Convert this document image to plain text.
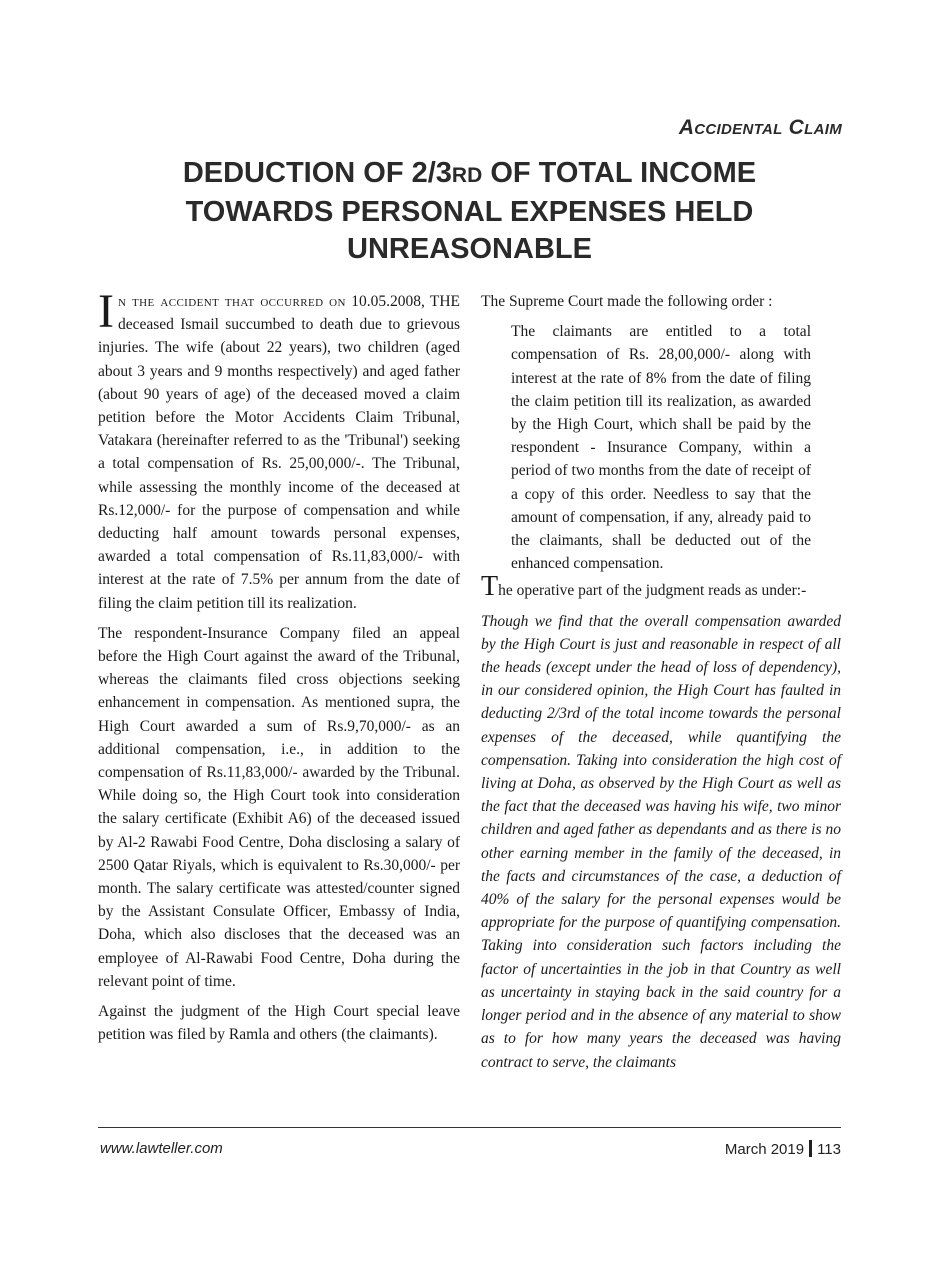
Accidental Claim
DEDUCTION OF 2/3RD OF TOTAL INCOME TOWARDS PERSONAL EXPENSES HELD UNREASONABLE

In the accident that occurred on 10.05.2008, THE deceased Ismail succumbed to death due to grievous injuries. The wife (about 22 years), two children (aged about 3 years and 9 months respectively) and aged father (about 90 years of age) of the deceased moved a claim petition before the Motor Accidents Claim Tribunal, Vatakara (hereinafter referred to as the 'Tribunal') seeking a total compensation of Rs. 25,00,000/-. The Tribunal, while assessing the monthly income of the deceased at Rs.12,000/- for the purpose of compensation and while deducting half amount towards personal expenses, awarded a total compensation of Rs.11,83,000/- with interest at the rate of 7.5% per annum from the date of filing the claim petition till its realization.

The respondent-Insurance Company filed an appeal before the High Court against the award of the Tribunal, whereas the claimants filed cross objections seeking enhancement in compensation. As mentioned supra, the High Court awarded a sum of Rs.9,70,000/- as an additional compensation, i.e., in addition to the compensation of Rs.11,83,000/- awarded by the Tribunal. While doing so, the High Court took into consideration the salary certificate (Exhibit A6) of the deceased issued by Al-2 Rawabi Food Centre, Doha disclosing a salary of 2500 Qatar Riyals, which is equivalent to Rs.30,000/- per month. The salary certificate was attested/counter signed by the Assistant Consulate Officer, Embassy of India, Doha, which also discloses that the deceased was an employee of Al-Rawabi Food Centre, Doha during the relevant point of time.

Against the judgment of the High Court special leave petition was filed by Ramla and others (the claimants).

The Supreme Court made the following order :

The claimants are entitled to a total compensation of Rs. 28,00,000/- along with interest at the rate of 8% from the date of filing the claim petition till its realization, as awarded by the High Court, which shall be paid by the respondent - Insurance Company, within a period of two months from the date of receipt of a copy of this order. Needless to say that the amount of compensation, if any, already paid to the claimants, shall be deducted out of the enhanced compensation.

The operative part of the judgment reads as under:-

Though we find that the overall compensation awarded by the High Court is just and reasonable in respect of all the heads (except under the head of loss of dependency), in our considered opinion, the High Court has faulted in deducting 2/3rd of the total income towards the personal expenses of the deceased, while quantifying the compensation. Taking into consideration the high cost of living at Doha, as observed by the High Court as well as the fact that the deceased was having his wife, two minor children and aged father as dependants and as there is no other earning member in the family of the deceased, in the facts and circumstances of the case, a deduction of 40% of the salary for the personal expenses would be appropriate for the purpose of quantifying compensation. Taking into consideration such factors including the factor of uncertainties in the job in that Country as well as uncertainty in staying back in the said country for a longer period and in the absence of any material to show as to for how many years the deceased was having contract to serve, the claimants

www.lawteller.com	March 2019 113
